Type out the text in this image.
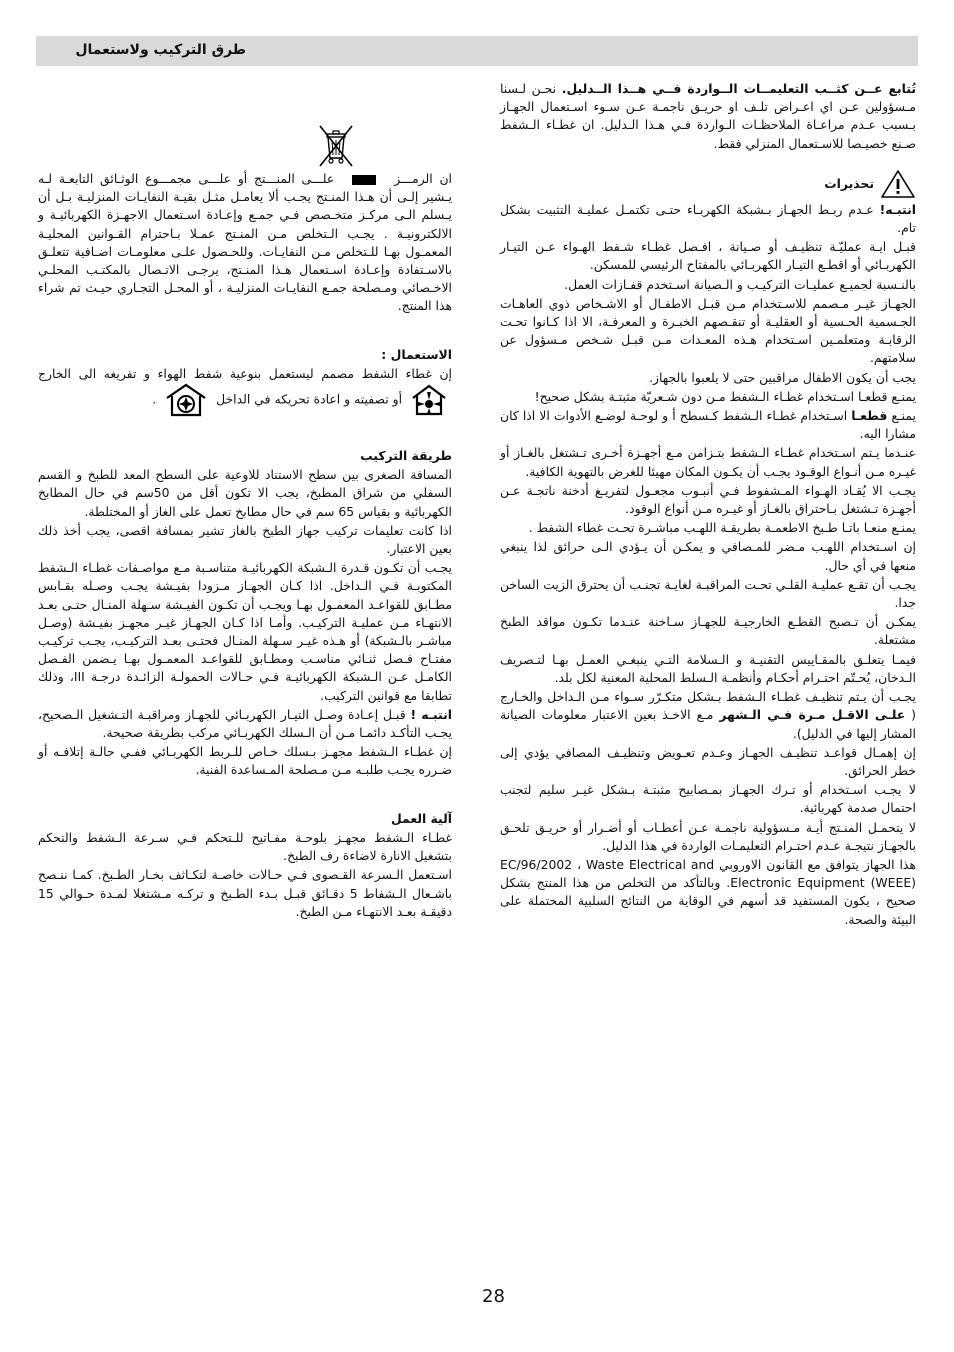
طرق التركيب ولاستعمال

تُتابع عــن كثــب التعليمــات الــواردة فــي هــذا الــدليل. نحـن لـسنا مـسؤولين عـن اي اعـراض تلـف او حريـق ناجمـة عـن سـوء اسـتعمال الجهـاز بـسبب عـدم مراعـاة الملاحظـات الـواردة فـي هـذا الـدليل. ان غطـاء الـشفط صـنع خصيـصا للاسـتعمال المنزلي فقط.

تحذيرات

انتبـه! عـدم ربـط الجهـاز بـشبكة الكهربـاء حتـى تكتمـل عمليـة التثبيت بشكل تام.

قبـل ايـة عمليّـة تنظيـف أو صـيانة ، افـصل غطـاء شـفط الهـواء عـن التيـار الكهربـائي أو اقطـع التيـار الكهربـائي بالمفتاح الرئيسي للمسكن.

بالنـسبة لجميـع عمليـات التركيـب و الـصيانة اسـتخدم قفـازات العمل.

الجهـاز غيـر مـصمم للاسـتخدام مـن قبـل الاطفـال أو الاشـخاص ذوي العاهـات الجـسمية الحـسية أو العقليـة أو تنقـصهم الخبـرة و المعرفـة، الا اذا كـانوا تحـت الرقابـة ومتعلمـين اسـتخدام هـذه المعـدات مـن قبـل شـخص مـسؤول عن سلامتهم.

يجب أن يكون الاطفال مراقبين حتى لا يلعبوا بالجهاز.

يمنـع قطعـا اسـتخدام غطـاء الـشفط مـن دون شـعريّة مثبتـة بشكل صحيح!

يمنـع قطعـا اسـتخدام غطـاء الـشفط كـسطح أ و لوحـة لوضـع الأدوات الا اذا كان مشارا اليه.

عنـدما يـتم اسـتخدام غطـاء الـشفط بتـزامن مـع أجهـزة أخـرى تـشتغل بالغـاز أو غيـره مـن أنـواع الوقـود يجـب أن يكـون المكان مهيئا للغرض بالتهوية الكافية.

يجـب الا يُقـاد الهـواء المـشفوط فـي أنبـوب مجعـول لتفريـغ أدخنة ناتجـة عـن أجهـزة تـشتغل بـاحتراق بالغـاز أو غيـره مـن أنواع الوقود.

يمنـع منعـا باتـا طـبخ الاطعمـة بطريقـة اللهـب مباشـرة تحـت غطاء الشفط .

إن اسـتخدام اللهـب مـضر للمـصافي و يمكـن أن يـؤدي الـى حرائق لذا ينبغي منعها في أي حال.

يجـب أن تقـع عمليـة القلـي تحـت المراقبـة لغايـة تجنـب أن يحترق الزيت الساخن جدا.

يمكـن أن تـصبح القطـع الخارجيـة للجهـاز سـاخنة عنـدما تكـون مواقد الطبخ مشتعلة.

فيمـا يتعلـق بالمقـاييس التقنيـة و الـسلامة التـي ينبغـي العمـل بهـا لتـصريف الـدخان، يُحـتّم احتـرام أحكـام وأنظمـة الـسلط المحلية المعنية لكل بلد.

يجـب أن يـتم تنظيـف غطـاء الـشفط بـشكل متكـرّر سـواء مـن الـداخل والخـارج ( علـى الاقـل مـرة فـي الـشهر مـع الاخـذ بعين الاعتبار معلومات الصيانة المشار إليها في الدليل).

إن إهمـال قواعـد تنظيـف الجهـاز وعـدم تعـويض وتنظيـف المصافي يؤدي إلى خطر الحرائق.

لا يجـب اسـتخدام أو تـرك الجهـاز بمـصابيح مثبتـة بـشكل غيـر سليم لتجنب احتمال صدمة كهربائية.

لا يتحمـل المنـتج أيـة مـسؤولية ناجمـة عـن أعطـاب أو أضـرار أو حريـق تلحـق بالجهـاز نتيجـة عـدم احتـرام التعليمـات الواردة في هذا الدليل.

هذا الجهاز يتوافق مع القانون الاوروبي EC/96/2002 ، Waste Electrical and Electronic Equipment (WEEE). وبالتأكد من التخلص من هذا المنتج بشكل صحيح ، يكون المستفيد قد أسهم في الوقاية من النتائج السلبية المحتملة على البيئة والصحة.

ان الرمـــزعلـــى المنـــتج أو علـــى مجمـــوع الوثـائق التابعـة لـه يـشير إلـى أن هـذا المنـتج يجـب ألا يعامـل مثـل بقيـة النفايـات المنزليـة بـل أن يـسلم الـى مركـز متخـصص فـي جمـع وإعـادة اسـتعمال الاجهـزة الكهربائيـة و الالكترونيـة . يجـب الـتخلص مـن المنـتج عمـلا بـاحترام القـوانين المحليـة المعمـول بهـا للـتخلص مـن النفايـات. وللحـصول علـى معلومـات اضـافية تتعلـق بالاسـتفادة وإعـادة اسـتعمال هـذا المنـتج، يرجـى الاتـصال بالمكتـب المحلـي الاخـصائي ومـصلحة جمـع النفايـات المنزليـة ، أو المحـل التجـاري حيـث تم شراء هذا المنتج.

الاستعمال :

إن غطاء الشفط مصمم ليستعمل بنوعية شفط الهواء و تفريغه الى الخارج  أو تصفيته و اعادة تحريكه في الداخل  .

طريقة التركيب

المسافة الصغرى بين سطح الاستناد للاوعية على السطح المعد للطبخ و القسم السفلي من شراق المطبخ، يجب الا تكون أقل من 50سم في حال المطابخ الكهربائية و بقياس 65 سم في حال مطابخ تعمل على الغاز أو المختلطة.

اذا كانت تعليمات تركيب جهاز الطبخ بالغاز تشير بمسافة اقصى، يجب أخذ ذلك بعين الاعتبار.

يجـب أن تكـون قـدرة الـشبكة الكهربائيـة متناسـبة مـع مواصـفات غطـاء الـشفط المكتوبـة فـي الـداخل. اذا كـان الجهـاز مـزودا بفيـشة يجـب وصـله بقـابس مطـابق للقواعـد المعمـول بهـا ويجـب أن تكـون الفيـشة سـهلة المنـال حتـى بعـد الانتهـاء مـن عمليـة التركيـب. وأمـا اذا كـان الجهـاز غيـر مجهـز بفيـشة (وصـل مباشـر بالـشبكة) أو هـذه غيـر سـهلة المنـال فحتـى بعـد التركيـب، يجـب تركيـب مفتـاح فـصل ثنـائي مناسـب ومطـابق للقواعـد المعمـول بهـا يـضمن الفـصل الكامـل عـن الـشبكة الكهربائيـة فـي حـالات الحمولـة الزائـدة درجـة III، وذلك تطابقا مع قوانين التركيب.

انتبـه ! قبـل إعـادة وصـل التيـار الكهربـائي للجهـاز ومراقبـة التـشغيل الـصحيح، يجـب التأكـد دائمـا مـن أن الـسلك الكهربـائي مركب بطريقة صحيحة.

إن غطـاء الـشفط مجهـز بـسلك خـاص للـربط الكهربـائي ففـي حالـة إتلافـه أو ضـرره يجـب طلبـه مـن مـصلحة المـساعدة الفنية.

آلية العمل

غطـاء الـشفط مجهـز بلوحـة مفـاتيح للـتحكم فـي سـرعة الـشفط والتحكم بتشغيل الانارة لاضاءة رف الطبخ.

اسـتعمل الـسرعة القـصوى فـي حـالات خاصـة لتكـاثف بخـار الطـبخ. كمـا ننـصح باشـعال الـشفاط 5 دقـائق قبـل بـدء الطـبخ و تركـه مـشتغلا لمـدة حـوالي 15 دقيقـة بعـد الانتهـاء مـن الطبخ.

28
